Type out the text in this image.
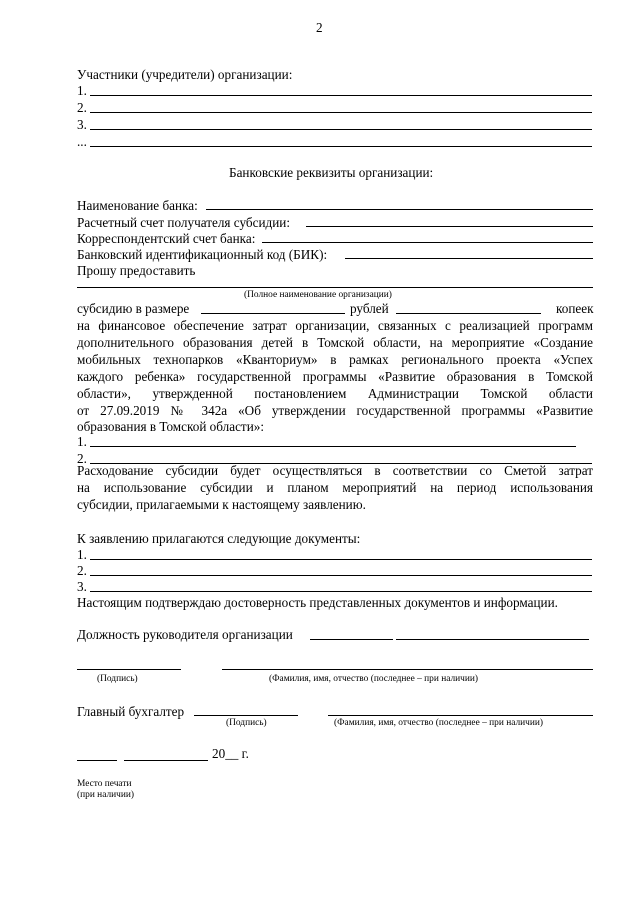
2
Участники (учредители) организации:
1.
2.
3.
...
Банковские реквизиты организации:
Наименование банка:
Расчетный счет получателя субсидии:
Корреспондентский счет банка:
Банковский идентификационный код (БИК):
Прошу предоставить
(Полное наименование организации)
субсидию в размере	рублей	копеек
на финансовое обеспечение затрат организации, связанных с реализацией программ
дополнительного образования детей в Томской области, на мероприятие «Создание
мобильных технопарков «Кванториум» в рамках регионального проекта «Успех
каждого ребенка» государственной программы «Развитие образования в Томской
области», утвержденной постановлением Администрации Томской области
от 27.09.2019 № 342а «Об утверждении государственной программы «Развитие
образования в Томской области»:
1.
2.
Расходование субсидии будет осуществляться в соответствии со Сметой затрат
на использование субсидии и планом мероприятий на период использования
субсидии, прилагаемыми к настоящему заявлению.
К заявлению прилагаются следующие документы:
1.
2.
3.
Настоящим подтверждаю достоверность представленных документов и информации.
Должность руководителя организации
(Подпись)	(Фамилия, имя, отчество (последнее – при наличии)
Главный бухгалтер
(Подпись)	(Фамилия, имя, отчество (последнее – при наличии)
20__ г.
Место печати
(при наличии)
